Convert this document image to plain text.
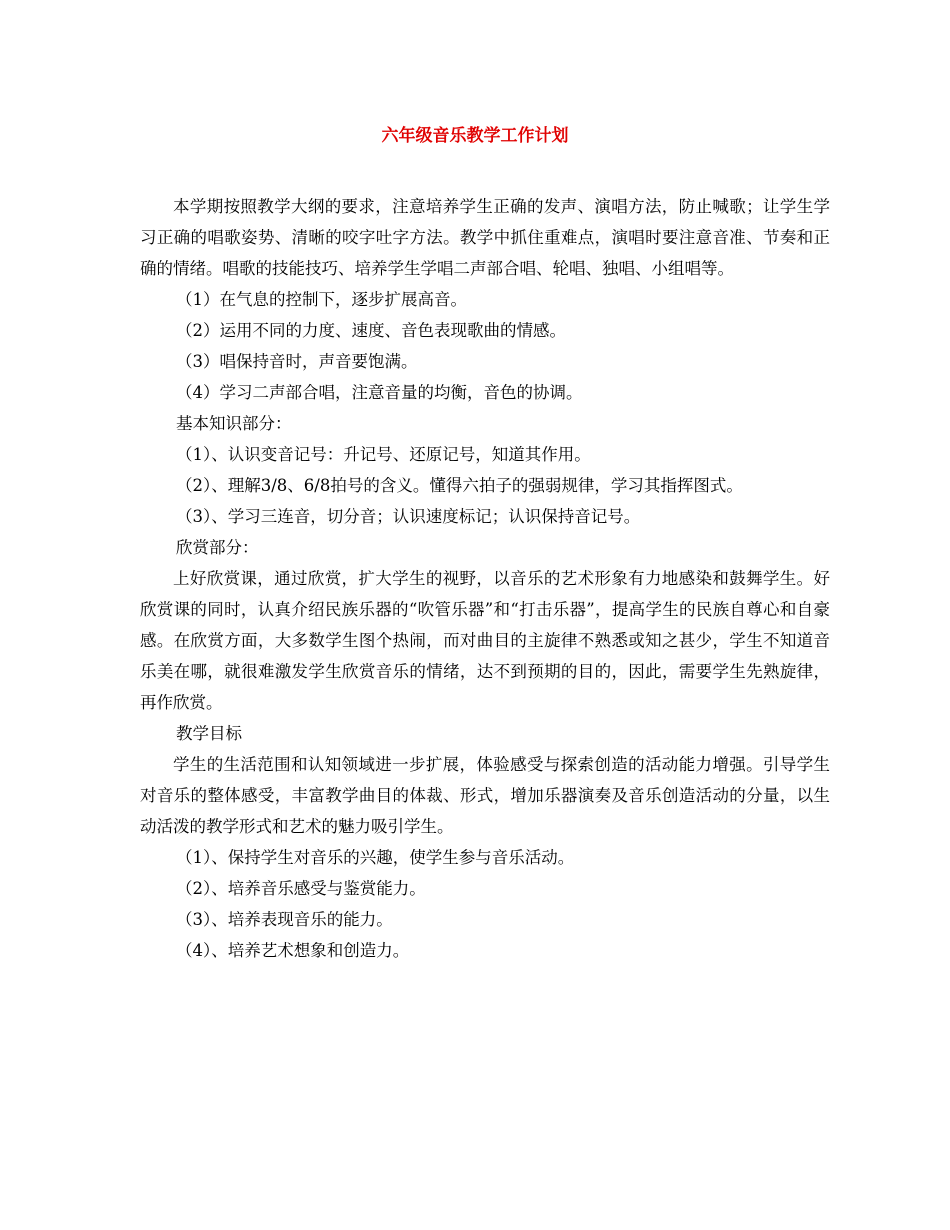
六年级音乐教学工作计划

本学期按照教学大纲的要求，注意培养学生正确的发声、演唱方法，防止喊歌；让学生学习正确的唱歌姿势、清晰的咬字吐字方法。教学中抓住重难点，演唱时要注意音准、节奏和正确的情绪。唱歌的技能技巧、培养学生学唱二声部合唱、轮唱、独唱、小组唱等。

（1）在气息的控制下，逐步扩展高音。

（2）运用不同的力度、速度、音色表现歌曲的情感。

（3）唱保持音时，声音要饱满。

（4）学习二声部合唱，注意音量的均衡，音色的协调。

基本知识部分：

（1）、认识变音记号：升记号、还原记号，知道其作用。

（2）、理解3/8、6/8拍号的含义。懂得六拍子的强弱规律，学习其指挥图式。

（3）、学习三连音，切分音；认识速度标记；认识保持音记号。

欣赏部分：

上好欣赏课，通过欣赏，扩大学生的视野，以音乐的艺术形象有力地感染和鼓舞学生。好欣赏课的同时，认真介绍民族乐器的“吹管乐器”和“打击乐器”，提高学生的民族自尊心和自豪感。在欣赏方面，大多数学生图个热闹，而对曲目的主旋律不熟悉或知之甚少，学生不知道音乐美在哪，就很难激发学生欣赏音乐的情绪，达不到预期的目的，因此，需要学生先熟旋律，再作欣赏。

教学目标

学生的生活范围和认知领域进一步扩展，体验感受与探索创造的活动能力增强。引导学生对音乐的整体感受，丰富教学曲目的体裁、形式，增加乐器演奏及音乐创造活动的分量，以生动活泼的教学形式和艺术的魅力吸引学生。

（1）、保持学生对音乐的兴趣，使学生参与音乐活动。

（2）、培养音乐感受与鉴赏能力。

（3）、培养表现音乐的能力。

（4）、培养艺术想象和创造力。
